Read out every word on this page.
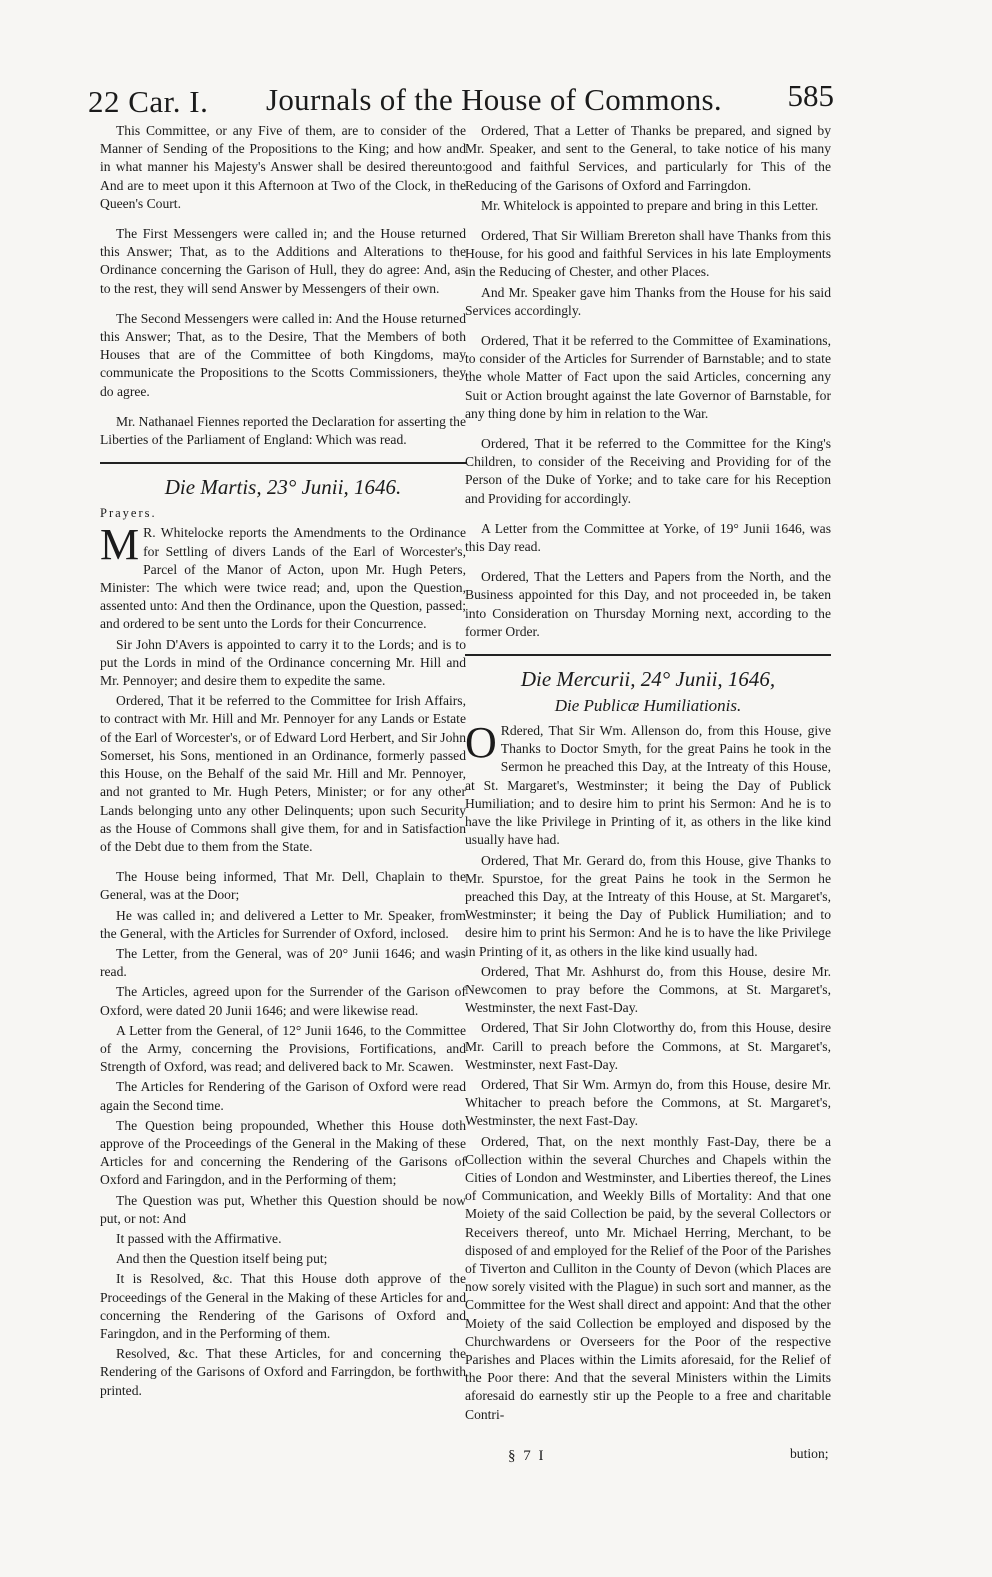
22 Car. I. Journals of the House of Commons. 585

This Committee, or any Five of them, are to consider of the Manner of Sending of the Propositions to the King; and how and in what manner his Majesty's Answer shall be desired thereunto: And are to meet upon it this Afternoon at Two of the Clock, in the Queen's Court.

The First Messengers were called in; and the House returned this Answer; That, as to the Additions and Alterations to the Ordinance concerning the Garison of Hull, they do agree: And, as to the rest, they will send Answer by Messengers of their own.

The Second Messengers were called in: And the House returned this Answer; That, as to the Desire, That the Members of both Houses that are of the Committee of both Kingdoms, may communicate the Propositions to the Scotts Commissioners, they do agree.

Mr. Nathanael Fiennes reported the Declaration for asserting the Liberties of the Parliament of England: Which was read.

Die Martis, 23° Junii, 1646.
Prayers.

M R. Whitelocke reports the Amendments to the Ordinance for Settling of divers Lands of the Earl of Worcester's, Parcel of the Manor of Acton, upon Mr. Hugh Peters, Minister: The which were twice read; and, upon the Question, assented unto: And then the Ordinance, upon the Question, passed; and ordered to be sent unto the Lords for their Concurrence.

Sir John D'Avers is appointed to carry it to the Lords; and is to put the Lords in mind of the Ordinance concerning Mr. Hill and Mr. Pennoyer; and desire them to expedite the same.

Ordered, That it be referred to the Committee for Irish Affairs, to contract with Mr. Hill and Mr. Pennoyer for any Lands or Estate of the Earl of Worcester's, or of Edward Lord Herbert, and Sir John Somerset, his Sons, mentioned in an Ordinance, formerly passed this House, on the Behalf of the said Mr. Hill and Mr. Pennoyer, and not granted to Mr. Hugh Peters, Minister; or for any other Lands belonging unto any other Delinquents; upon such Security as the House of Commons shall give them, for and in Satisfaction of the Debt due to them from the State.

The House being informed, That Mr. Dell, Chaplain to the General, was at the Door;

He was called in; and delivered a Letter to Mr. Speaker, from the General, with the Articles for Surrender of Oxford, inclosed.

The Letter, from the General, was of 20° Junii 1646; and was read.

The Articles, agreed upon for the Surrender of the Garison of Oxford, were dated 20 Junii 1646; and were likewise read.

A Letter from the General, of 12° Junii 1646, to the Committee of the Army, concerning the Provisions, Fortifications, and Strength of Oxford, was read; and delivered back to Mr. Scawen.

The Articles for Rendering of the Garison of Oxford were read again the Second time.

The Question being propounded, Whether this House doth approve of the Proceedings of the General in the Making of these Articles for and concerning the Rendering of the Garisons of Oxford and Faringdon, and in the Performing of them;

The Question was put, Whether this Question should be now put, or not: And

It passed with the Affirmative.

And then the Question itself being put;

It is Resolved, &c. That this House doth approve of the Proceedings of the General in the Making of these Articles for and concerning the Rendering of the Garisons of Oxford and Faringdon, and in the Performing of them.

Resolved, &c. That these Articles, for and concerning the Rendering of the Garisons of Oxford and Farringdon, be forthwith printed.

Ordered, That a Letter of Thanks be prepared, and signed by Mr. Speaker, and sent to the General, to take notice of his many good and faithful Services, and particularly for This of the Reducing of the Garisons of Oxford and Farringdon.

Mr. Whitelock is appointed to prepare and bring in this Letter.

Ordered, That Sir William Brereton shall have Thanks from this House, for his good and faithful Services in his late Employments in the Reducing of Chester, and other Places.

And Mr. Speaker gave him Thanks from the House for his said Services accordingly.

Ordered, That it be referred to the Committee of Examinations, to consider of the Articles for Surrender of Barnstable; and to state the whole Matter of Fact upon the said Articles, concerning any Suit or Action brought against the late Governor of Barnstable, for any thing done by him in relation to the War.

Ordered, That it be referred to the Committee for the King's Children, to consider of the Receiving and Providing for of the Person of the Duke of Yorke; and to take care for his Reception and Providing for accordingly.

A Letter from the Committee at Yorke, of 19° Junii 1646, was this Day read.

Ordered, That the Letters and Papers from the North, and the Business appointed for this Day, and not proceeded in, be taken into Consideration on Thursday Morning next, according to the former Order.

Die Mercurii, 24° Junii, 1646,
Die Publicæ Humiliationis.

O Rdered, That Sir Wm. Allenson do, from this House, give Thanks to Doctor Smyth, for the great Pains he took in the Sermon he preached this Day, at the Intreaty of this House, at St. Margaret's, Westminster; it being the Day of Publick Humiliation; and to desire him to print his Sermon: And he is to have the like Privilege in Printing of it, as others in the like kind usually have had.

Ordered, That Mr. Gerard do, from this House, give Thanks to Mr. Spurstoe, for the great Pains he took in the Sermon he preached this Day, at the Intreaty of this House, at St. Margaret's, Westminster; it being the Day of Publick Humiliation; and to desire him to print his Sermon: And he is to have the like Privilege in Printing of it, as others in the like kind usually had.

Ordered, That Mr. Ashhurst do, from this House, desire Mr. Newcomen to pray before the Commons, at St. Margaret's, Westminster, the next Fast-Day.

Ordered, That Sir John Clotworthy do, from this House, desire Mr. Carill to preach before the Commons, at St. Margaret's, Westminster, next Fast-Day.

Ordered, That Sir Wm. Armyn do, from this House, desire Mr. Whitacher to preach before the Commons, at St. Margaret's, Westminster, the next Fast-Day.

Ordered, That, on the next monthly Fast-Day, there be a Collection within the several Churches and Chapels within the Cities of London and Westminster, and Liberties thereof, the Lines of Communication, and Weekly Bills of Mortality: And that one Moiety of the said Collection be paid, by the several Collectors or Receivers thereof, unto Mr. Michael Herring, Merchant, to be disposed of and employed for the Relief of the Poor of the Parishes of Tiverton and Culliton in the County of Devon (which Places are now sorely visited with the Plague) in such sort and manner, as the Committee for the West shall direct and appoint: And that the other Moiety of the said Collection be employed and disposed by the Churchwardens or Overseers for the Poor of the respective Parishes and Places within the Limits aforesaid, for the Relief of the Poor there: And that the several Ministers within the Limits aforesaid do earnestly stir up the People to a free and charitable Contri-

§ 7 I	bution;
